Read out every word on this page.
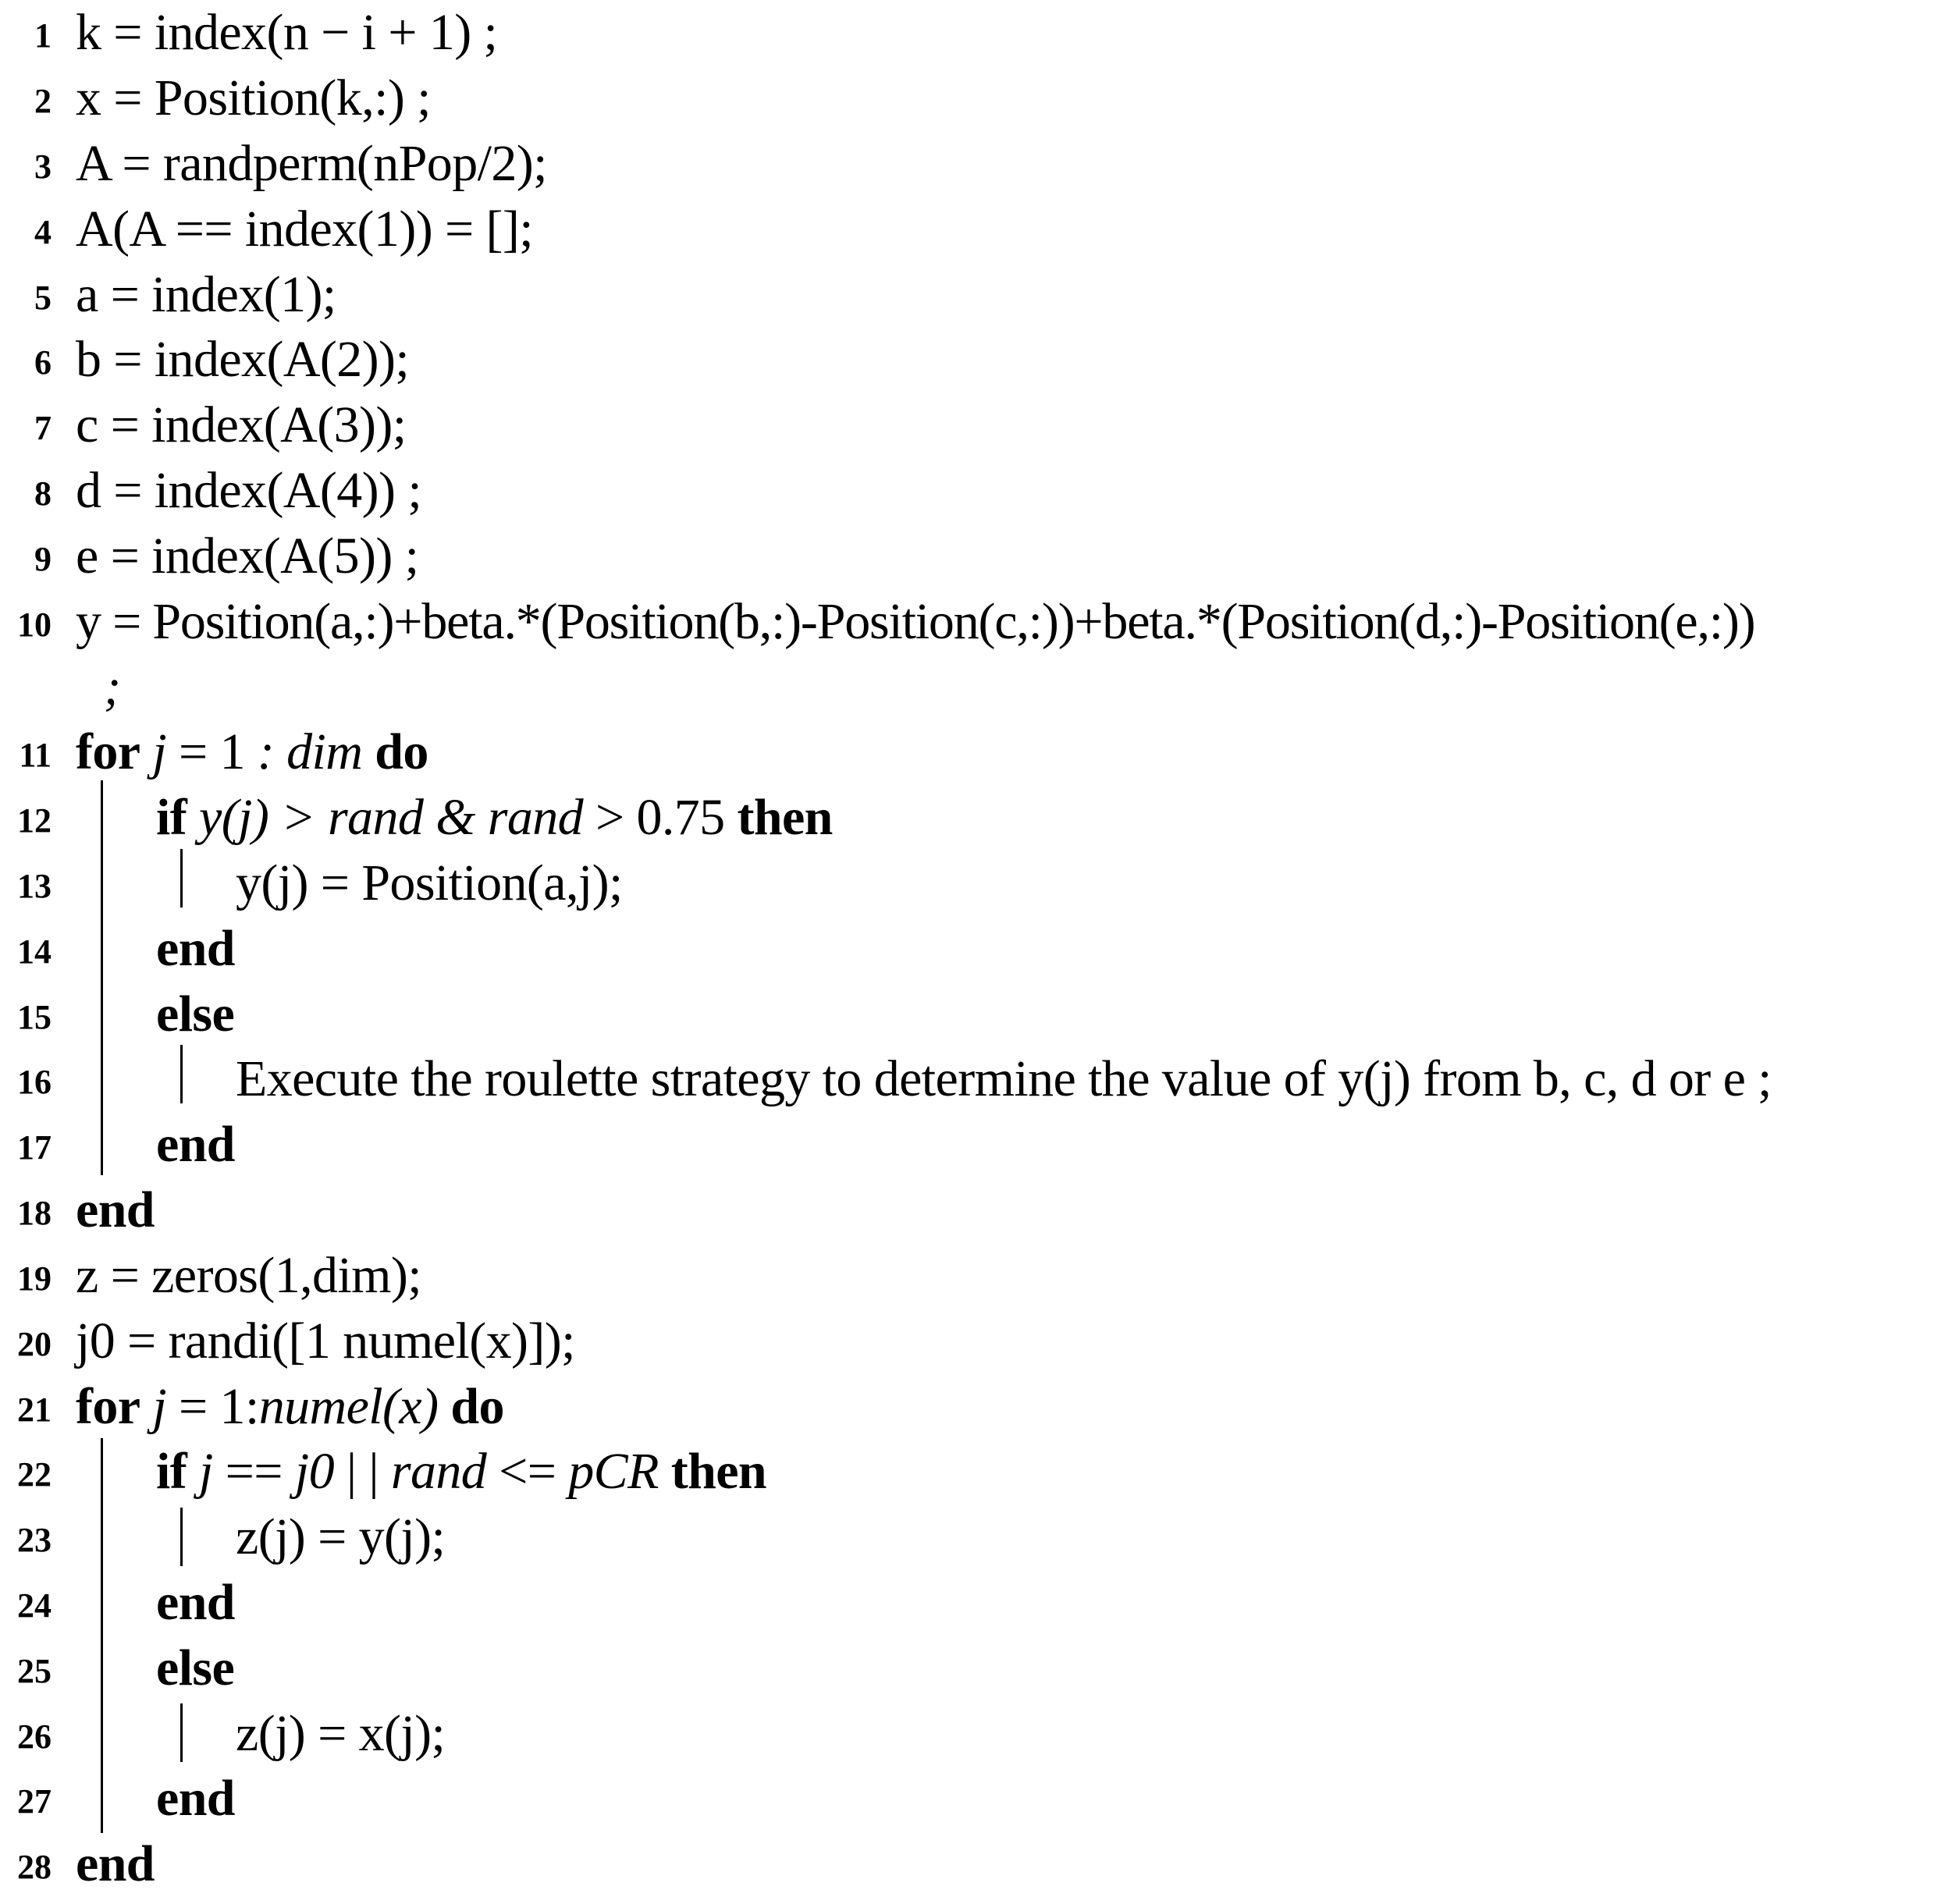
1 k = index(n − i + 1) ;
2 x = Position(k,:) ;
3 A = randperm(nPop/2);
4 A(A == index(1)) = [];
5 a = index(1);
6 b = index(A(2));
7 c = index(A(3));
8 d = index(A(4)) ;
9 e = index(A(5)) ;
10 y = Position(a,:)+beta.*(Position(b,:)-Position(c,:))+beta.*(Position(d,:)-Position(e,:))
;
11 for j = 1 : dim do
12 if y(j) > rand & rand > 0.75 then
13	y(j) = Position(a,j);
14 end
15 else
16	Execute the roulette strategy to determine the value of y(j) from b, c, d or e ;
17 end
18 end
19 z = zeros(1,dim);
20 j0 = randi([1 numel(x)]);
21 for j = 1:numel(x) do
22 if j == j0 | | rand <= pCR then
23	z(j) = y(j);
24 end
25 else
26	z(j) = x(j);
27 end
28 end
